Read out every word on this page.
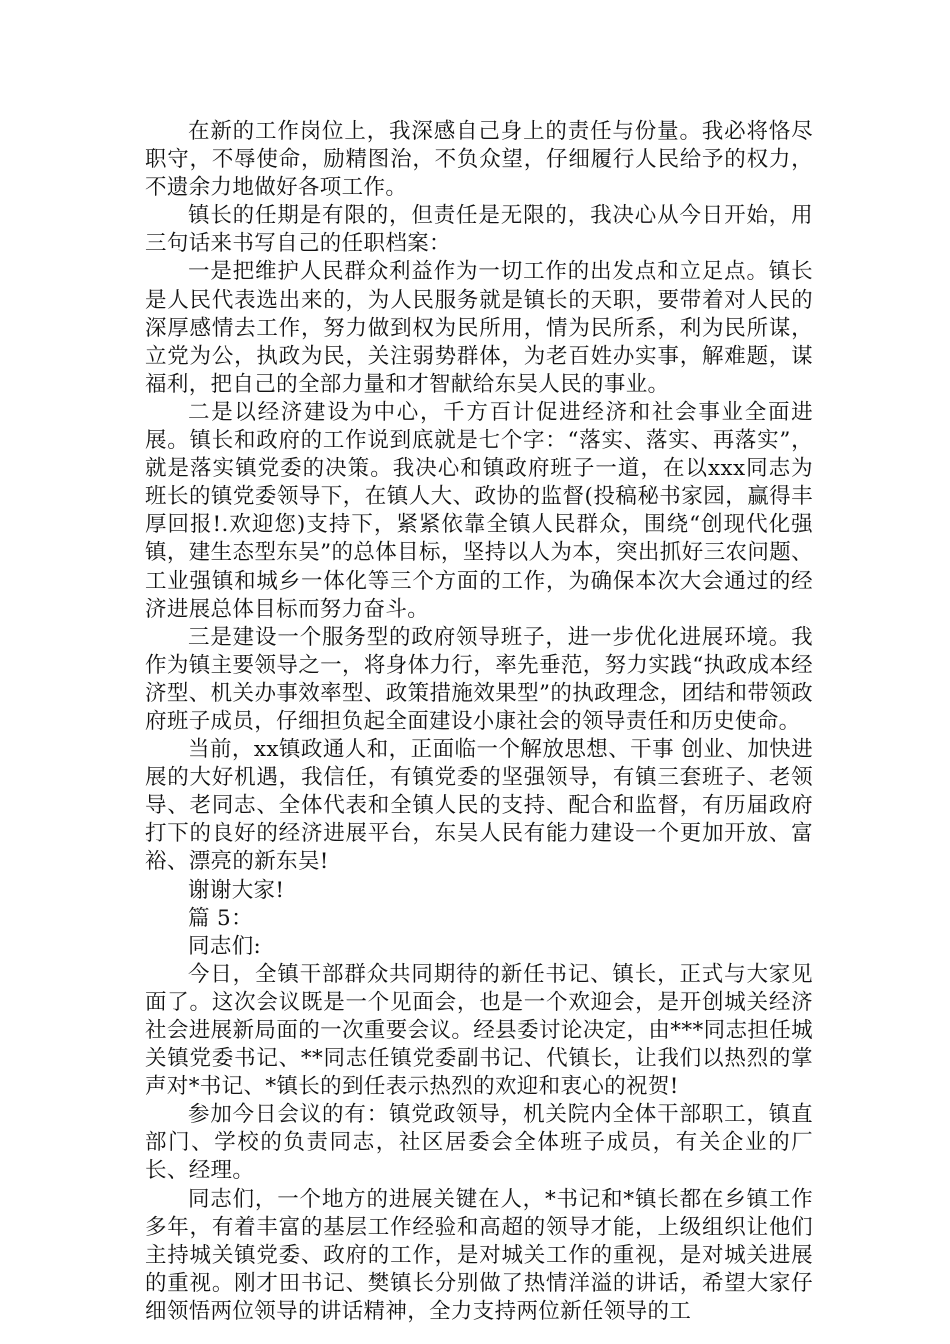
在新的工作岗位上，我深感自己身上的责任与份量。我必将恪尽职守，不辱使命，励精图治，不负众望，仔细履行人民给予的权力，不遗余力地做好各项工作。

镇长的任期是有限的，但责任是无限的，我决心从今日开始，用三句话来书写自己的任职档案：

一是把维护人民群众利益作为一切工作的出发点和立足点。镇长是人民代表选出来的，为人民服务就是镇长的天职，要带着对人民的深厚感情去工作，努力做到权为民所用，情为民所系，利为民所谋，立党为公，执政为民，关注弱势群体，为老百姓办实事，解难题，谋福利，把自己的全部力量和才智献给东吴人民的事业。

二是以经济建设为中心，千方百计促进经济和社会事业全面进展。镇长和政府的工作说到底就是七个字：“落实、落实、再落实”，就是落实镇党委的决策。我决心和镇政府班子一道，在以xxx同志为班长的镇党委领导下，在镇人大、政协的监督(投稿秘书家园，赢得丰厚回报!.欢迎您)支持下，紧紧依靠全镇人民群众，围绕“创现代化强镇，建生态型东吴”的总体目标，坚持以人为本，突出抓好三农问题、工业强镇和城乡一体化等三个方面的工作，为确保本次大会通过的经济进展总体目标而努力奋斗。

三是建设一个服务型的政府领导班子，进一步优化进展环境。我作为镇主要领导之一，将身体力行，率先垂范，努力实践“执政成本经济型、机关办事效率型、政策措施效果型”的执政理念，团结和带领政府班子成员，仔细担负起全面建设小康社会的领导责任和历史使命。

当前，xx镇政通人和，正面临一个解放思想、干事 创业、加快进展的大好机遇，我信任，有镇党委的坚强领导，有镇三套班子、老领导、老同志、全体代表和全镇人民的支持、配合和监督，有历届政府打下的良好的经济进展平台，东吴人民有能力建设一个更加开放、富裕、漂亮的新东吴!

谢谢大家!

篇 5：

同志们:

今日，全镇干部群众共同期待的新任书记、镇长，正式与大家见面了。这次会议既是一个见面会，也是一个欢迎会，是开创城关经济社会进展新局面的一次重要会议。经县委讨论决定，由***同志担任城关镇党委书记、**同志任镇党委副书记、代镇长，让我们以热烈的掌声对*书记、*镇长的到任表示热烈的欢迎和衷心的祝贺!

参加今日会议的有：镇党政领导，机关院内全体干部职工，镇直部门、学校的负责同志，社区居委会全体班子成员，有关企业的厂长、经理。

同志们，一个地方的进展关键在人，*书记和*镇长都在乡镇工作多年，有着丰富的基层工作经验和高超的领导才能，上级组织让他们主持城关镇党委、政府的工作，是对城关工作的重视，是对城关进展的重视。刚才田书记、樊镇长分别做了热情洋溢的讲话，希望大家仔细领悟两位领导的讲话精神，全力支持两位新任领导的工
